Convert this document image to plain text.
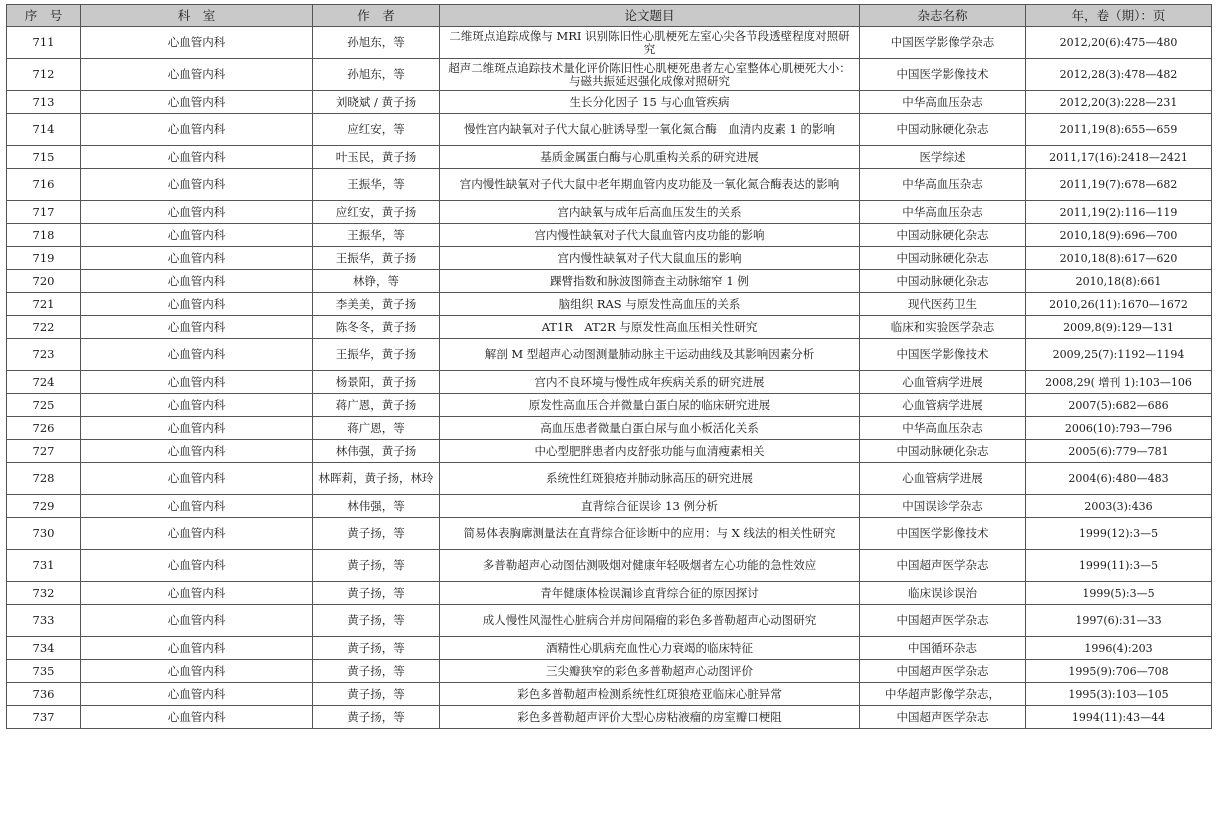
序　号	科　室	作　者	论文题目	杂志名称	年，卷（期）：页
711	心血管内科	孙旭东，等	二维斑点追踪成像与 MRI 识别陈旧性心肌梗死左室心尖各节段透壁程度对照研究	中国医学影像学杂志	2012,20(6):475—480
712	心血管内科	孙旭东，等	超声二维斑点追踪技术量化评价陈旧性心肌梗死患者左心室整体心肌梗死大小：与磁共振延迟强化成像对照研究	中国医学影像技术	2012,28(3):478—482
713	心血管内科	刘晓斌 / 黄子扬	生长分化因子 15 与心血管疾病	中华高血压杂志	2012,20(3):228—231
714	心血管内科	应红安，等	慢性宫内缺氧对子代大鼠心脏诱导型一氧化氮合酶　血清内皮素 1 的影响	中国动脉硬化杂志	2011,19(8):655—659
715	心血管内科	叶玉民，黄子扬	基质金属蛋白酶与心肌重构关系的研究进展	医学综述	2011,17(16):2418—2421
716	心血管内科	王振华，等	宫内慢性缺氧对子代大鼠中老年期血管内皮功能及一氧化氮合酶表达的影响	中华高血压杂志	2011,19(7):678—682
717	心血管内科	应红安，黄子扬	宫内缺氧与成年后高血压发生的关系	中华高血压杂志	2011,19(2):116—119
718	心血管内科	王振华，等	宫内慢性缺氧对子代大鼠血管内皮功能的影响	中国动脉硬化杂志	2010,18(9):696—700
719	心血管内科	王振华，黄子扬	宫内慢性缺氧对子代大鼠血压的影响	中国动脉硬化杂志	2010,18(8):617—620
720	心血管内科	林铮，等	踝臂指数和脉波图筛查主动脉缩窄 1 例	中国动脉硬化杂志	2010,18(8):661
721	心血管内科	李美美，黄子扬	脑组织 RAS 与原发性高血压的关系	现代医药卫生	2010,26(11):1670—1672
722	心血管内科	陈冬冬，黄子扬	AT1R　AT2R 与原发性高血压相关性研究	临床和实验医学杂志	2009,8(9):129—131
723	心血管内科	王振华，黄子扬	解剖 M 型超声心动图测量肺动脉主干运动曲线及其影响因素分析	中国医学影像技术	2009,25(7):1192—1194
724	心血管内科	杨景阳，黄子扬	宫内不良环境与慢性成年疾病关系的研究进展	心血管病学进展	2008,29( 增刊 1):103—106
725	心血管内科	蒋广恩，黄子扬	原发性高血压合并微量白蛋白尿的临床研究进展	心血管病学进展	2007(5):682—686
726	心血管内科	蒋广恩，等	高血压患者微量白蛋白尿与血小板活化关系	中华高血压杂志	2006(10):793—796
727	心血管内科	林伟强，黄子扬	中心型肥胖患者内皮舒张功能与血清瘦素相关	中国动脉硬化杂志	2005(6):779—781
728	心血管内科	林晖莉，黄子扬，林玲	系统性红斑狼疮并肺动脉高压的研究进展	心血管病学进展	2004(6):480—483
729	心血管内科	林伟强，等	直背综合征误诊 13 例分析	中国误诊学杂志	2003(3):436
730	心血管内科	黄子扬，等	简易体表胸廓测量法在直背综合征诊断中的应用：与 X 线法的相关性研究	中国医学影像技术	1999(12):3—5
731	心血管内科	黄子扬，等	多普勒超声心动图估测吸烟对健康年轻吸烟者左心功能的急性效应	中国超声医学杂志	1999(11):3—5
732	心血管内科	黄子扬，等	青年健康体检误漏诊直背综合征的原因探讨	临床误诊误治	1999(5):3—5
733	心血管内科	黄子扬，等	成人慢性风湿性心脏病合并房间隔瘤的彩色多普勒超声心动图研究	中国超声医学杂志	1997(6):31—33
734	心血管内科	黄子扬，等	酒精性心肌病充血性心力衰竭的临床特征	中国循环杂志	1996(4):203
735	心血管内科	黄子扬，等	三尖瓣狭窄的彩色多普勒超声心动图评价	中国超声医学杂志	1995(9):706—708
736	心血管内科	黄子扬，等	彩色多普勒超声检测系统性红斑狼疮亚临床心脏异常	中华超声影像学杂志，	1995(3):103—105
737	心血管内科	黄子扬，等	彩色多普勒超声评价大型心房粘液瘤的房室瓣口梗阻	中国超声医学杂志	1994(11):43—44
